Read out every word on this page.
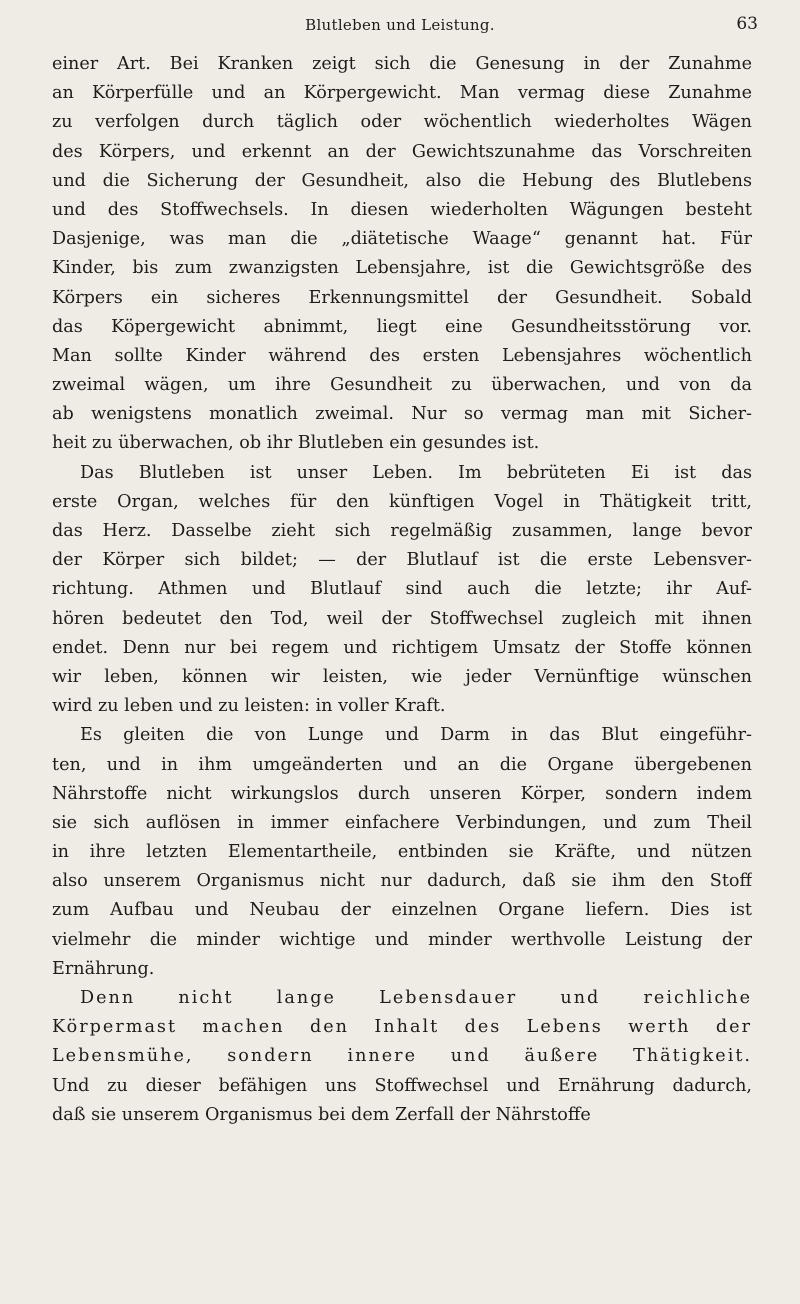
Blutleben und Leistung.	63
einer Art. Bei Kranken zeigt sich die Genesung in der Zunahme
an Körperfülle und an Körpergewicht. Man vermag diese Zunahme
zu verfolgen durch täglich oder wöchentlich wiederholtes Wägen
des Körpers, und erkennt an der Gewichtszunahme das Vorschreiten
und die Sicherung der Gesundheit, also die Hebung des Blutlebens
und des Stoffwechsels. In diesen wiederholten Wägungen besteht
Dasjenige, was man die „diätetische Waage“ genannt hat. Für
Kinder, bis zum zwanzigsten Lebensjahre, ist die Gewichtsgröße des
Körpers ein sicheres Erkennungsmittel der Gesundheit. Sobald
das Köpergewicht abnimmt, liegt eine Gesundheitsstörung vor.
Man sollte Kinder während des ersten Lebensjahres wöchentlich
zweimal wägen, um ihre Gesundheit zu überwachen, und von da
ab wenigstens monatlich zweimal. Nur so vermag man mit Sicher-
heit zu überwachen, ob ihr Blutleben ein gesundes ist.
Das Blutleben ist unser Leben. Im bebrüteten Ei ist das
erste Organ, welches für den künftigen Vogel in Thätigkeit tritt,
das Herz. Dasselbe zieht sich regelmäßig zusammen, lange bevor
der Körper sich bildet; — der Blutlauf ist die erste Lebensver-
richtung. Athmen und Blutlauf sind auch die letzte; ihr Auf-
hören bedeutet den Tod, weil der Stoffwechsel zugleich mit ihnen
endet. Denn nur bei regem und richtigem Umsatz der Stoffe können
wir leben, können wir leisten, wie jeder Vernünftige wünschen
wird zu leben und zu leisten: in voller Kraft.
Es gleiten die von Lunge und Darm in das Blut eingeführ-
ten, und in ihm umgeänderten und an die Organe übergebenen
Nährstoffe nicht wirkungslos durch unseren Körper, sondern indem
sie sich auflösen in immer einfachere Verbindungen, und zum Theil
in ihre letzten Elementartheile, entbinden sie Kräfte, und nützen
also unserem Organismus nicht nur dadurch, daß sie ihm den Stoff
zum Aufbau und Neubau der einzelnen Organe liefern. Dies ist
vielmehr die minder wichtige und minder werthvolle Leistung der
Ernährung.
Denn nicht lange Lebensdauer und reichliche
Körpermast machen den Inhalt des Lebens werth der
Lebensmühe, sondern innere und äußere Thätigkeit.
Und zu dieser befähigen uns Stoffwechsel und Ernährung dadurch,
daß sie unserem Organismus bei dem Zerfall der Nährstoffe
